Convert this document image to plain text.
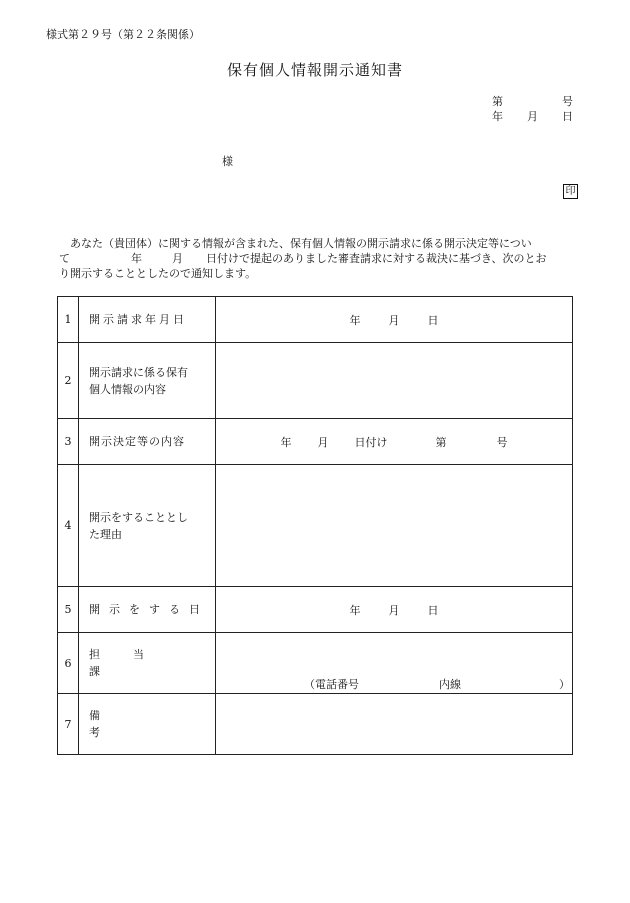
様式第２９号（第２２条関係）
保有個人情報開示通知書
第	号
年 月 日
様
印
あなた（貴団体）に関する情報が含まれた、保有個人情報の開示請求に係る開示決定等につい
て	年	月 日付けで提起のありました審査請求に対する裁決に基づき、次のとお
り開示することとしたので通知します。
1	開示請求年月日	年 月 日
2	開示請求に係る保有
個人情報の内容	

3	開示決定等の内容	年 月 日付け 第 号
4	開示をすることとし
た理由	

5	開示をする日	年 月 日
6	担当課	（電話番号 内線 ）

7	備考	
